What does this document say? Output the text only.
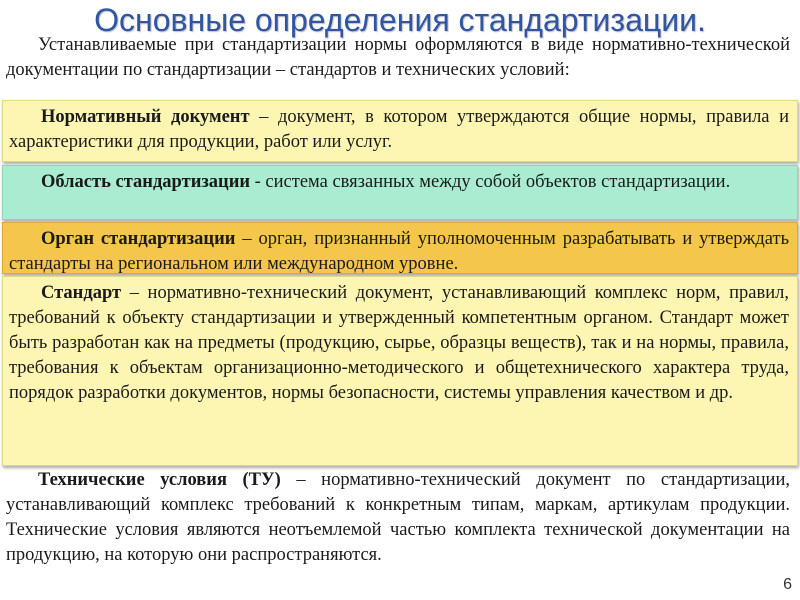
Основные определения стандартизации.

Устанавливаемые при стандартизации нормы оформляются в виде нормативно-технической документации по стандартизации – стандартов и технических условий:

Нормативный документ – документ, в котором утверждаются общие нормы, правила и характеристики для продукции, работ или услуг.

Область стандартизации - система связанных между собой объектов стандартизации.

Орган стандартизации – орган, признанный уполномоченным разрабатывать и утверждать стандарты на региональном или международном уровне.

Стандарт – нормативно-технический документ, устанавливающий комплекс норм, правил, требований к объекту стандартизации и утвержденный компетентным органом. Стандарт может быть разработан как на предметы (продукцию, сырье, образцы веществ), так и на нормы, правила, требования к объектам организационно-методического и общетехнического характера труда, порядок разработки документов, нормы безопасности, системы управления качеством и др.

Технические условия (ТУ) – нормативно-технический документ по стандартизации, устанавливающий комплекс требований к конкретным типам, маркам, артикулам продукции. Технические условия являются неотъемлемой частью комплекта технической документации на продукцию, на которую они распространяются.

6
